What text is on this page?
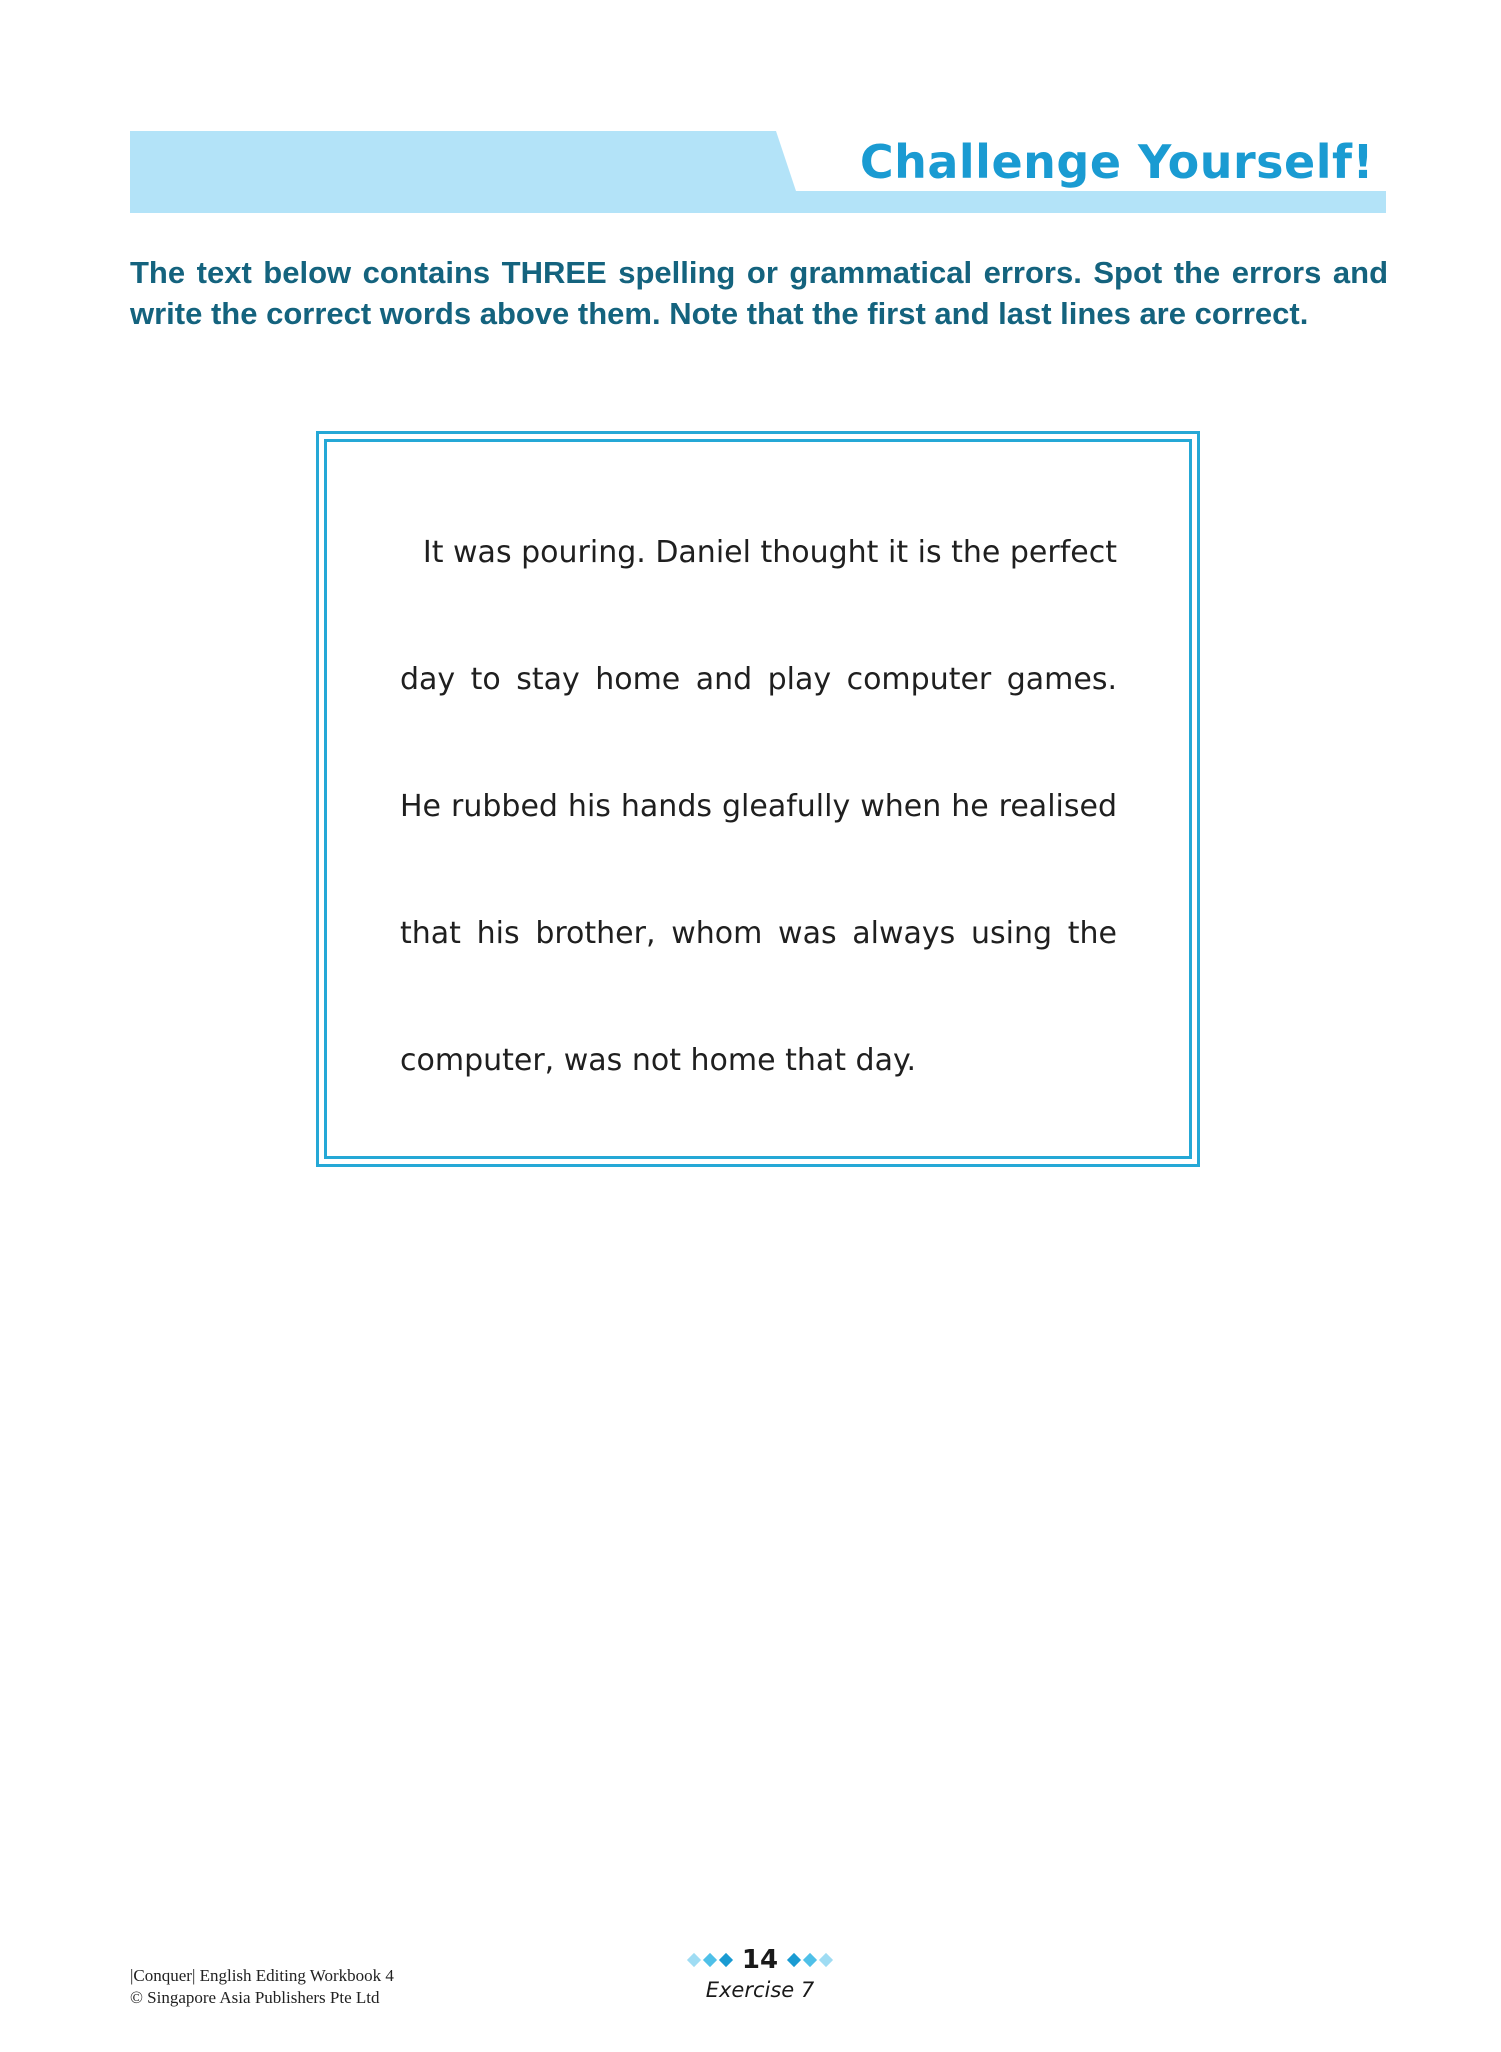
Challenge Yourself!
The text below contains THREE spelling or grammatical errors. Spot the errors and write the correct words above them. Note that the first and last lines are correct.
It was pouring. Daniel thought it is the perfect
day to stay home and play computer games.
He rubbed his hands gleafully when he realised
that his brother, whom was always using the
computer, was not home that day.
|Conquer| English Editing Workbook 4
© Singapore Asia Publishers Pte Ltd
14
Exercise 7
